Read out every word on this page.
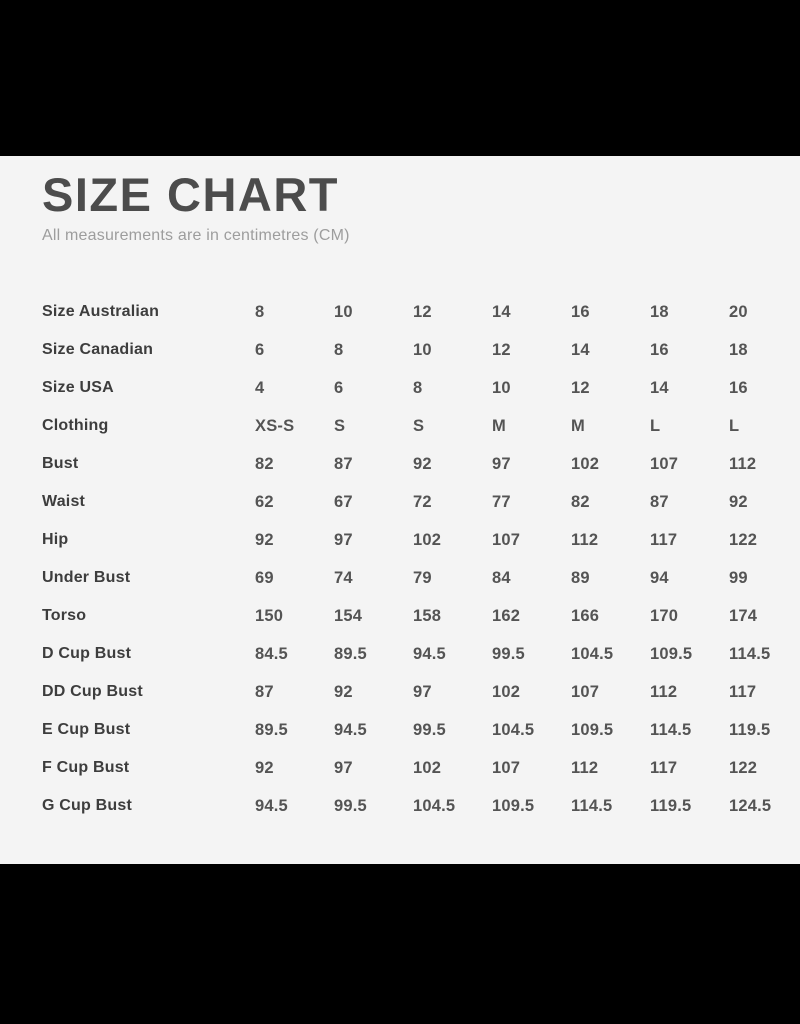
SIZE CHART
All measurements are in centimetres (CM)
Size Australian	8	10	12	14	16	18	20
Size Canadian	6	8	10	12	14	16	18
Size USA	4	6	8	10	12	14	16
Clothing	XS-S	S	S	M	M	L	L
Bust	82	87	92	97	102	107	112
Waist	62	67	72	77	82	87	92
Hip	92	97	102	107	112	117	122
Under Bust	69	74	79	84	89	94	99
Torso	150	154	158	162	166	170	174
D Cup Bust	84.5	89.5	94.5	99.5	104.5	109.5	114.5
DD Cup Bust	87	92	97	102	107	112	117
E Cup Bust	89.5	94.5	99.5	104.5	109.5	114.5	119.5
F Cup Bust	92	97	102	107	112	117	122
G Cup Bust	94.5	99.5	104.5	109.5	114.5	119.5	124.5
